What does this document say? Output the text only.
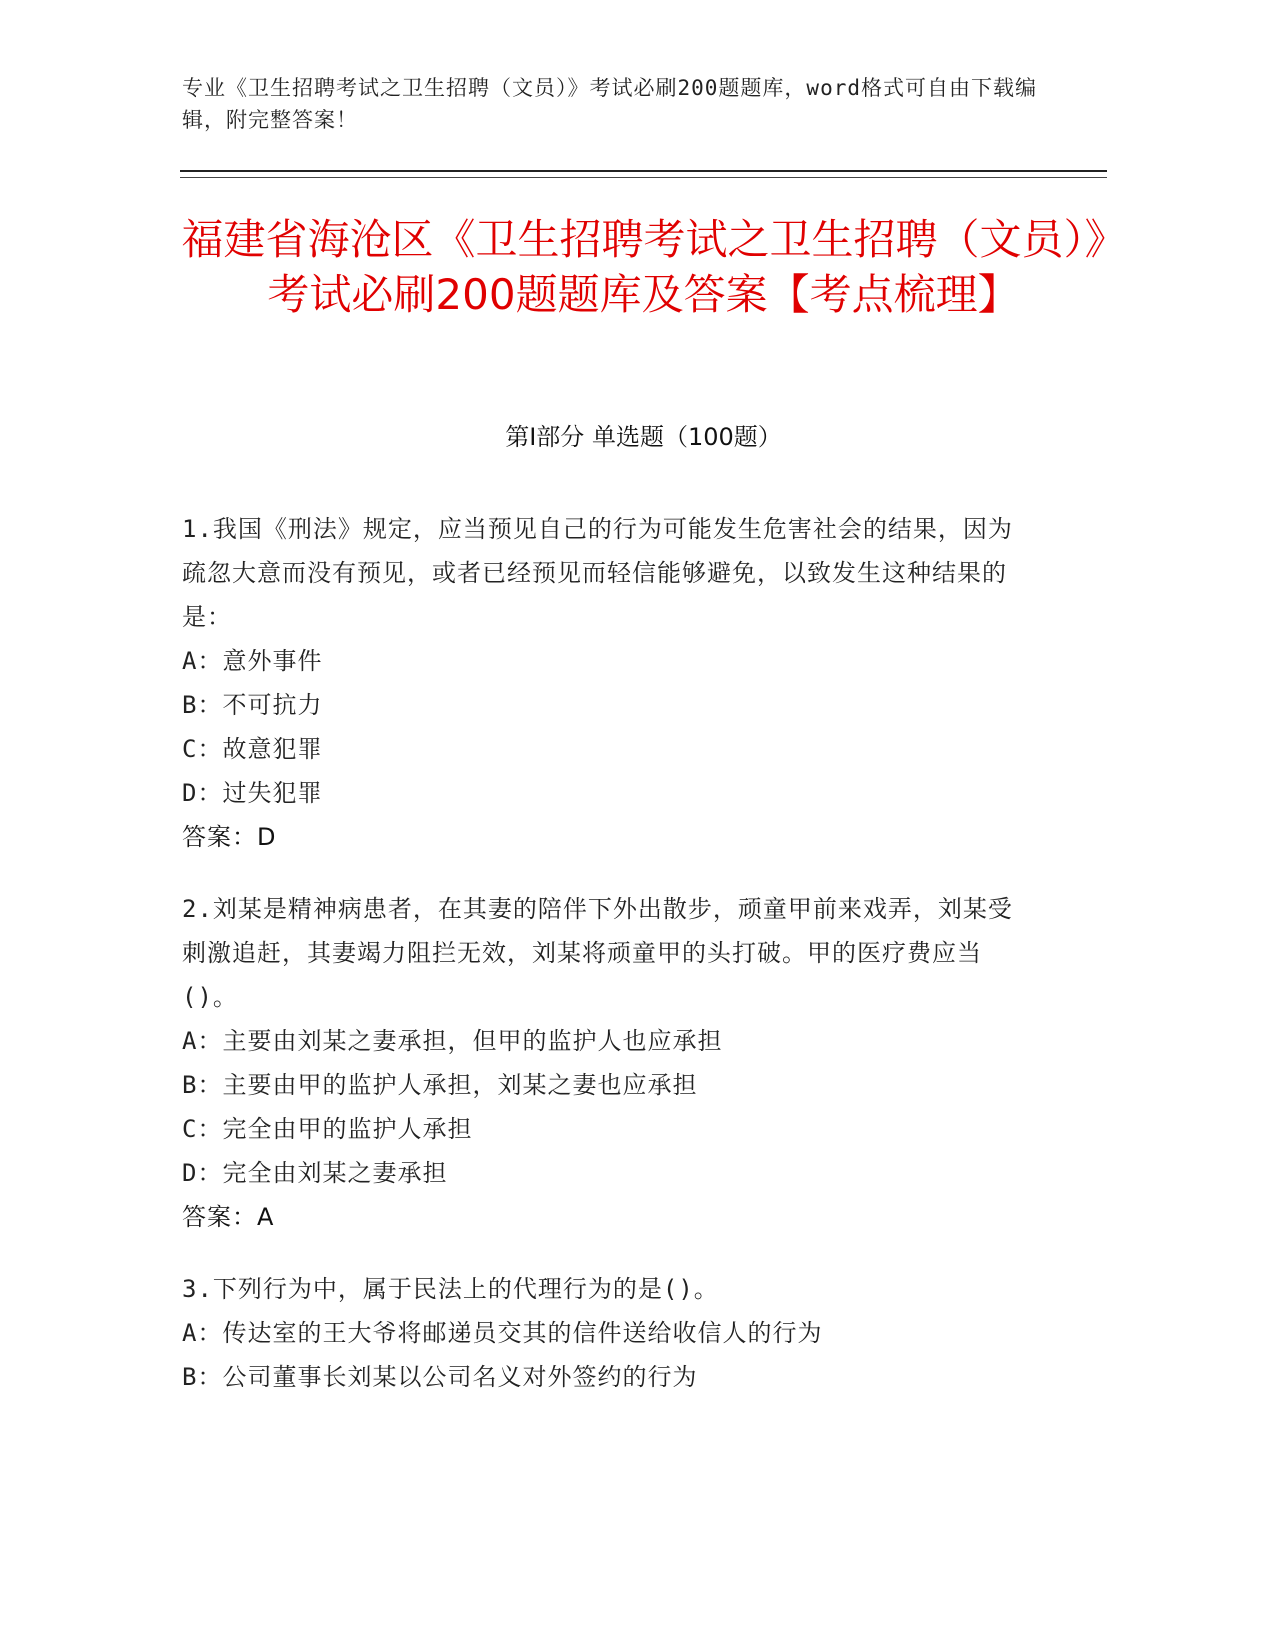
专业《卫生招聘考试之卫生招聘（文员）》考试必刷200题题库，word格式可自由下载编辑，附完整答案！
福建省海沧区《卫生招聘考试之卫生招聘（文员）》考试必刷200题题库及答案【考点梳理】
第I部分 单选题（100题）
1.我国《刑法》规定，应当预见自己的行为可能发生危害社会的结果，因为疏忽大意而没有预见，或者已经预见而轻信能够避免，以致发生这种结果的是：
A：意外事件
B：不可抗力
C：故意犯罪
D：过失犯罪
答案：D
2.刘某是精神病患者，在其妻的陪伴下外出散步，顽童甲前来戏弄，刘某受刺激追赶，其妻竭力阻拦无效，刘某将顽童甲的头打破。甲的医疗费应当()。
A：主要由刘某之妻承担，但甲的监护人也应承担
B：主要由甲的监护人承担，刘某之妻也应承担
C：完全由甲的监护人承担
D：完全由刘某之妻承担
答案：A
3.下列行为中，属于民法上的代理行为的是()。
A：传达室的王大爷将邮递员交其的信件送给收信人的行为
B：公司董事长刘某以公司名义对外签约的行为
